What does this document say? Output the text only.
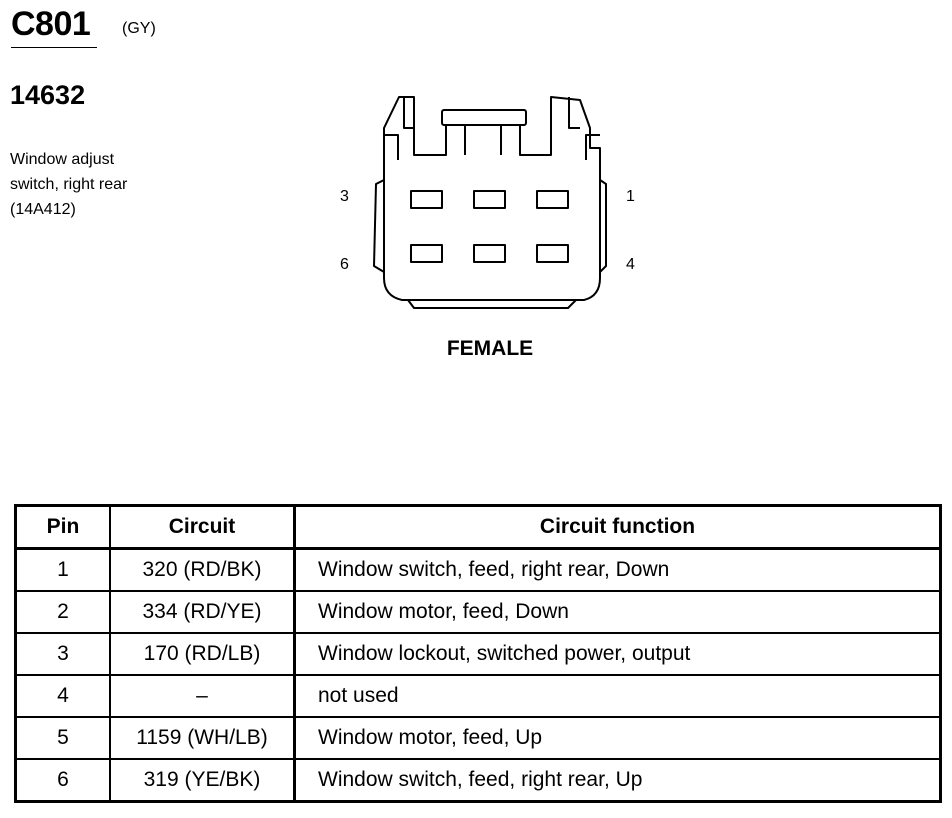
C801 (GY)
14632
Window adjust
switch, right rear
(14A412)
3	1
6	4
FEMALE
Pin	Circuit	Circuit function
1	320 (RD/BK)	Window switch, feed, right rear, Down
2	334 (RD/YE)	Window motor, feed, Down
3	170 (RD/LB)	Window lockout, switched power, output
4	–	not used
5	1159 (WH/LB)	Window motor, feed, Up
6	319 (YE/BK)	Window switch, feed, right rear, Up
